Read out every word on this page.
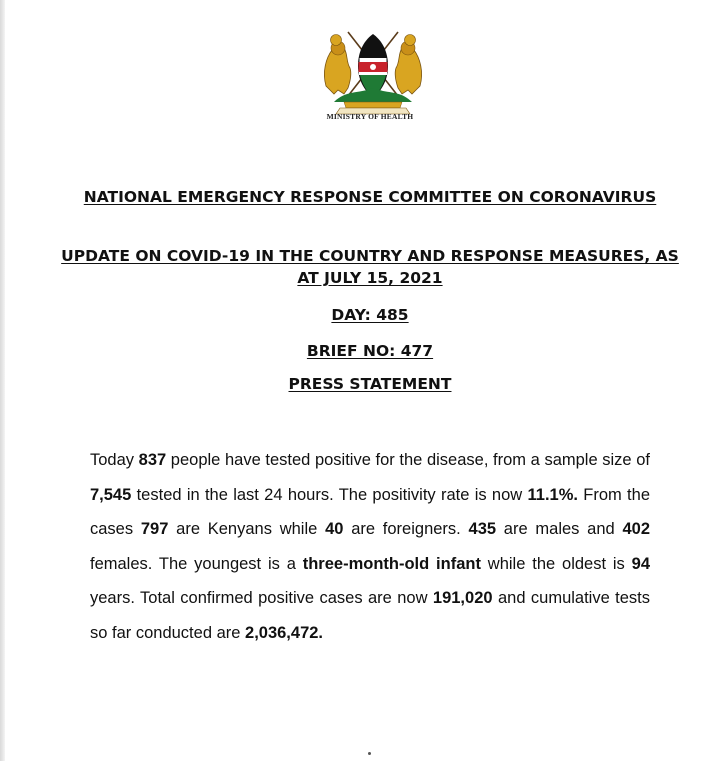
MINISTRY OF HEALTH
NATIONAL EMERGENCY RESPONSE COMMITTEE ON CORONAVIRUS
UPDATE ON COVID-19 IN THE COUNTRY AND RESPONSE MEASURES, AS AT JULY 15, 2021
DAY: 485
BRIEF NO: 477
PRESS STATEMENT

Today 837 people have tested positive for the disease, from a sample size of 7,545 tested in the last 24 hours. The positivity rate is now 11.1%. From the cases 797 are Kenyans while 40 are foreigners. 435 are males and 402 females. The youngest is a three-month-old infant while the oldest is 94 years. Total confirmed positive cases are now 191,020 and cumulative tests so far conducted are 2,036,472.
